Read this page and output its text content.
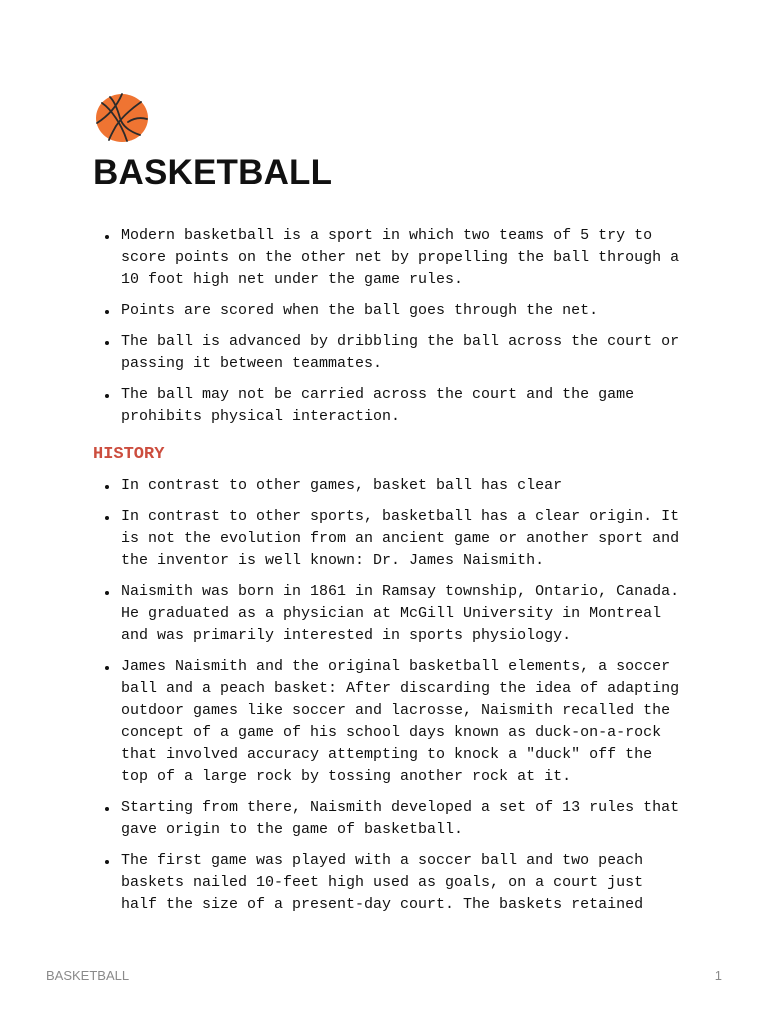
BASKETBALL
Modern basketball is a sport in which two teams of 5 try to score points on the other net by propelling the ball through a 10 foot high net under the game rules.
Points are scored when the ball goes through the net.
The ball is advanced by dribbling the ball across the court or passing it between teammates.
The ball may not be carried across the court and the game prohibits physical interaction.
HISTORY
In contrast to other games, basket ball has clear
In contrast to other sports, basketball has a clear origin. It is not the evolution from an ancient game or another sport and the inventor is well known: Dr. James Naismith.
Naismith was born in 1861 in Ramsay township, Ontario, Canada. He graduated as a physician at McGill University in Montreal and was primarily interested in sports physiology.
James Naismith and the original basketball elements, a soccer ball and a peach basket: After discarding the idea of adapting outdoor games like soccer and lacrosse, Naismith recalled the concept of a game of his school days known as duck-on-a-rock that involved accuracy attempting to knock a "duck" off the top of a large rock by tossing another rock at it.
Starting from there, Naismith developed a set of 13 rules that gave origin to the game of basketball.
The first game was played with a soccer ball and two peach baskets nailed 10-feet high used as goals, on a court just half the size of a present-day court. The baskets retained
BASKETBALL	1
